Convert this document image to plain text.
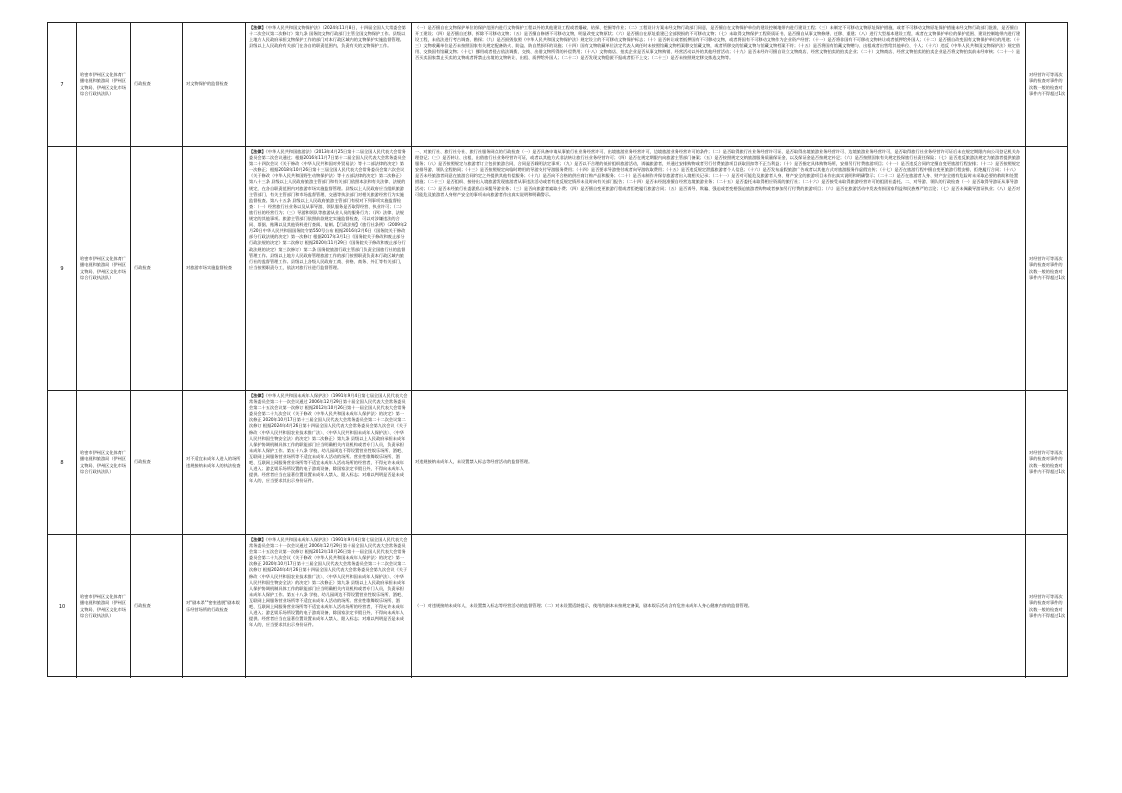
7
哈密市伊州区文化体育广播电视和旅游局（伊州区文物局、伊州区文化市场综合行政执法队）
行政检查	对文物保护的监督检查
【法律】《中华人民共和国文物保护法》（2024年11月8日，十四届全国人大常委会第十二次会议第二次修订）第九条 国务院文物行政部门主管全国文物保护工作。县级以上地方人民政府承担文物保护工作的部门对本行政区域内的文物保护实施监督管理。县级以上人民政府有关部门在各自的职责范围内，负责有关的文物保护工作。
（一）是否擅自在文物保护单位的保护范围内进行文物保护工程以外的其他建设工程或者爆破、钻探、挖掘等作业；（二）工程设计方案未经文物行政部门同意，是否擅自在文物保护单位的建设控制地带内进行建设工程；（三）未制定不可移动文物原址保护措施，或者不可移动文物原址保护措施未经文物行政部门批准，是否擅自开工建设；（四）是否擅自迁移、拆除不可移动文物；（五）是否擅自修缮不可移动文物，明显改变文物原状；（六）是否擅自在原址重建已全部毁损的不可移动文物；（七）未取得文物保护工程资质证书，是否擅自从事文物修缮、迁移、重建；（八）进行大型基本建设工程，或者在文物保护单位的保护范围、建设控制地带内进行建设工程，未依法进行考古调查、勘探；（九）是否损毁依照《中华人民共和国文物保护法》规定设立的不可移动文物保护标志；（十）是否转让或者抵押国有不可移动文物，或者将国有不可移动文物作为企业资产经营；（十一）是否将非国有不可移动文物转让或者抵押给外国人；（十二）是否擅自改变国有文物保护单位的用途；（十三）文物收藏单位是否未按照国家有关规定配备防火、防盗、防自然损坏的设施；（十四）国有文物收藏单位法定代表人离任时未按照馆藏文物档案移交馆藏文物，或者所移交的馆藏文物与馆藏文物档案不符；（十五）是否将国有馆藏文物赠与、出租或者出售给其他单位、个人；（十六）违反《中华人民共和国文物保护法》规定借用、交换国有馆藏文物；（十七）挪用或者侵占依法调拨、交换、出借文物所得的补偿费用；（十八）文物商店、拍卖企业是否从事文物购销、经营活动以外的其他经营活动；（十九）是否未经许可擅自设立文物商店、经营文物拍卖的拍卖企业；（二十）文物商店、经营文物拍卖的拍卖企业是否将文物拍卖前未经审核；（二十一）是否买卖国家禁止买卖的文物或者将禁止出境的文物转让、出租、质押给外国人；（二十二）是否发现文物隐匿不报或者拒不上交；（二十三）是否未按照规定移交拣选文物等。
对经营许可等再次事的检查对事件的次数一般的检查对事件内不得超过1次
9
哈密市伊州区文化体育广播电视和旅游局（伊州区文物局、伊州区文化市场综合行政执法队）
行政检查	对旅游市场实施监督检查
【法律】《中华人民共和国旅游法》（2013年4月25日第十二届全国人民代表大会常务委员会第二次会议通过；根据2016年11月7日第十二届全国人民代表大会常务委员会第二十四次会议《关于修改〈中华人民共和国对外贸易法〉等十二部法律的决定》第一次修正；根据2018年10月26日第十三届全国人民代表大会常务委员会第六次会议《关于修改〈中华人民共和国野生动物保护法〉等十五部法律的决定》第二次修正）第八十三条 县级以上人民政府旅游主管部门和有关部门依照本法和有关法律、法规的规定，在各自职责范围内对旅游市场实施监督管理。县级以上人民政府应当组织旅游主管部门、有关主管部门和市场监督管理、交通等执法部门对相关旅游经营行为实施监督检查。第八十五条 县级以上人民政府旅游主管部门有权对下列事项实施监督检查：（一）经营旅行社业务以及从事导游、领队服务是否取得经营、执业许可；（二）旅行社的经营行为；（三）导游和领队等旅游从业人员的服务行为；（四）法律、法规规定的其他事项。旅游主管部门依照前款规定实施监督检查，可以对涉嫌违法的合同、票据、账簿以及其他资料进行查阅、复制。【行政法规】《旅行社条例》（2009年2月20日中华人民共和国国务院令第550号公布 根据2016年2月6日《国务院关于修改部分行政法规的决定》第一次修订 根据2017年3月1日《国务院关于修改和废止部分行政法规的决定》第二次修订 根据2020年11月29日《国务院关于修改和废止部分行政法规的决定》第三次修订）第二条 国务院旅游行政主管部门负责全国旅行社的监督管理工作。县级以上地方人民政府管理旅游工作的部门按照职责负责本行政区域内旅行社的监督管理工作。县级以上各级人民政府工商、价格、商务、外汇等有关部门，应当按照职责分工，依法对旅行社进行监督管理。
一、对旅行社、旅行社分社、旅行社服务网点的行政检查（一）是否具备申请从事旅行社业务经营许可、出境旅游业务经营许可，边境旅游业务经营许可的条件；（二）是否取得旅行社业务经营许可证、是否取得出境旅游业务经营许可、边境旅游业务经营许可，是否取得旅行社业务经营许可证后未在规定期限内向公司登记机关办理登记；（三）是否转让、出租、出借旅行社业务经营许可证，或者以其他方式非法转让旅行社业务经营许可；（四）是否在规定期限内向旅游主管部门备案；（五）是否按照规定交纳旅游服务质量保证金，以及保证金是否按规定补足；（六）是否按照国家有关规定投保旅行社责任保险；（七）是否违反旅游法规定为旅游者提供旅游服务；（八）是否按照规定与旅游者订立包价旅游合同，合同是否载明法定事项；（九）是否以不合理的低价组织旅游活动，诱骗旅游者，并通过安排购物或者另行付费旅游项目获取回扣等不正当利益；（十）是否指定具体购物场所，安排另行付费旅游项目；（十一）是否违反合同约定擅自变更旅游行程安排；（十二）是否按照规定安排导游、领队全程陪同；（十三）是否按照规定向临时聘用的导游支付导游服务费用；（十四）是否要求导游垫付或者向导游收取费用；（十五）是否违反规定泄露旅游者个人信息；（十六）是否发布虚假旅游广告或者以其他方式对旅游服务作虚假宣传；（十七）是否在旅游行程中擅自变更旅游行程安排，拒绝履行合同；（十八）是否未经旅游者同意在旅游合同约定之外提供其他有偿服务；（十九）是否向不合格的供应商订购产品和服务；（二十）是否未制作并保存旅游者出入境相关记录；（二十一）是否对可能危及旅游者人身、财产安全的旅游项目未作出真实说明和明确警示；（二十二）是否在旅游者人身、财产安全遇有危险时未采取必要的救助和处置措施；（二十三）是否组织、接待出入境旅游发现旅游者从事违法活动或者有违反规定情形未及时向有关部门报告；（二十四）是否未经批准擅自经营边境旅游业务；（二十五）是否委托未取得相应资质的旅行社；（二十六）是否接受未取得旅游经营许可的组团社委托。二、对导游、领队的行政检查（一）是否取得导游证从事导游活动；（二）是否未经旅行社委派私自承揽导游业务；（三）是否向旅游者索取小费；（四）是否擅自变更旅游行程或者拒绝履行旅游合同；（五）是否诱导、欺骗、强迫或者变相强迫旅游者购物或者参加另行付费的旅游项目；（六）是否在旅游活动中发表有损国家利益和民族尊严的言论；（七）是否未佩戴导游证执业；（八）是否对可能危及旅游者人身财产安全的事项未向旅游者作出真实说明和明确警示。
对经营许可等再次事的检查对事件的次数一般的检查对事件内不得超过1次
8
哈密市伊州区文化体育广播电视和旅游局（伊州区文物局、伊州区文化市场综合行政执法队）
行政检查
对不适宜未成年人进入的场所违规接纳未成年人的执法检查
【法律】《中华人民共和国未成年人保护法》（1991年9月4日第七届全国人民代表大会常务委员会第二十一次会议通过 2006年12月29日第十届全国人民代表大会常务委员会第二十五次会议第一次修订 根据2012年10月26日第十一届全国人民代表大会常务委员会第二十九次会议《关于修改〈中华人民共和国未成年人保护法〉的决定》第一次修正 2020年10月17日第十三届全国人民代表大会常务委员会第二十二次会议第二次修订 根据2024年4月26日第十四届全国人民代表大会常务委员会第九次会议《关于修改〈中华人民共和国农业技术推广法〉、〈中华人民共和国未成年人保护法〉、〈中华人民共和国生物安全法〉的决定》第二次修正）第九条 县级以上人民政府承担未成年人保护协调机制具体工作的职能部门应当明确相关内设机构或者专门人员，负责承担未成年人保护工作。第五十八条 学校、幼儿园周边不得设置营业性娱乐场所、酒吧、互联网上网服务营业场所等不适宜未成年人活动的场所。营业性歌舞娱乐场所、酒吧、互联网上网服务营业场所等不适宜未成年人活动场所的经营者，不得允许未成年人进入；游艺娱乐场所设置的电子游戏设备，除国家法定节假日外，不得向未成年人提供。经营者应当在显著位置设置未成年人禁入、限入标志；对难以判明是否是未成年人的，应当要求其出示身份证件。
对违规接纳未成年人，未设置禁入标志等经营活动的监督管理。
对经营许可等再次事的检查对事件的次数一般的检查对事件内不得超过1次
10
哈密市伊州区文化体育广播电视和旅游局（伊州区文物局、伊州区文化市场综合行政执法队）
行政检查
对"剧本杀""密室逃脱"剧本娱乐经营场所的行政检查
【法律】《中华人民共和国未成年人保护法》（1991年9月4日第七届全国人民代表大会常务委员会第二十一次会议通过 2006年12月29日第十届全国人民代表大会常务委员会第二十五次会议第一次修订 根据2012年10月26日第十一届全国人民代表大会常务委员会第二十九次会议《关于修改〈中华人民共和国未成年人保护法〉的决定》第一次修正 2020年10月17日第十三届全国人民代表大会常务委员会第二十二次会议第二次修订 根据2024年4月26日第十四届全国人民代表大会常务委员会第九次会议《关于修改〈中华人民共和国农业技术推广法〉、〈中华人民共和国未成年人保护法〉、〈中华人民共和国生物安全法〉的决定》第二次修正）第九条 县级以上人民政府承担未成年人保护协调机制具体工作的职能部门应当明确相关内设机构或者专门人员，负责承担未成年人保护工作。第五十八条 学校、幼儿园周边不得设置营业性娱乐场所、酒吧、互联网上网服务营业场所等不适宜未成年人活动的场所。营业性歌舞娱乐场所、酒吧、互联网上网服务营业场所等不适宜未成年人活动场所的经营者，不得允许未成年人进入；游艺娱乐场所设置的电子游戏设备，除国家法定节假日外，不得向未成年人提供。经营者应当在显著位置设置未成年人禁入、限入标志；对难以判明是否是未成年人的，应当要求其出示身份证件。
（一）对违规接纳未成年人，未设置禁入标志等经营活动的监督管理；（二）对未设置适龄提示，使用的剧本未按规定备案，剧本娱乐活动含有危害未成年人身心健康内容的监督管理。
对经营许可等再次事的检查对事件的次数一般的检查对事件内不得超过1次
